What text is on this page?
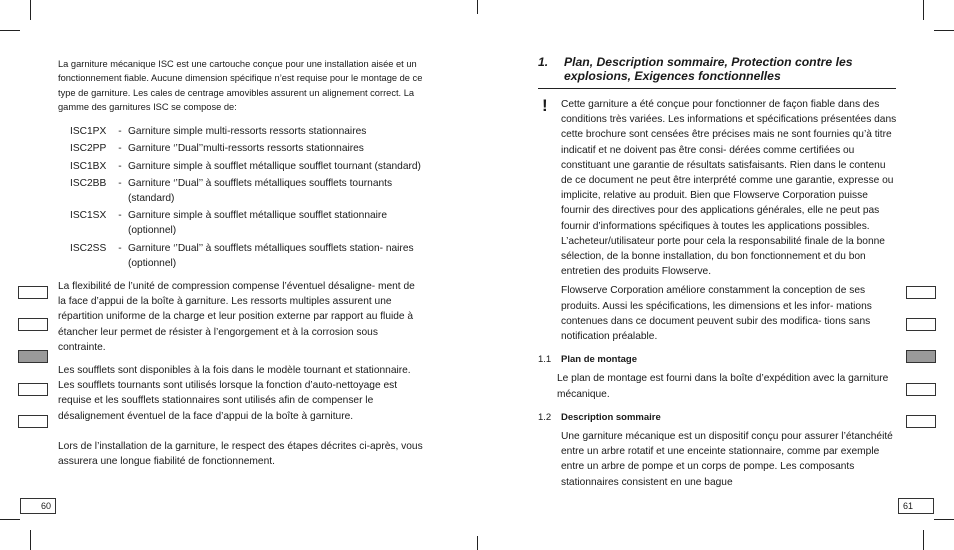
60	61

La garniture mécanique ISC est une cartouche conçue pour une installation aisée et un fonctionnement fiable. Aucune dimension spécifique n’est requise pour le montage de ce type de garniture. Les cales de centrage amovibles assurent un alignement correct. La gamme des garnitures ISC se compose de:

ISC1PX	- Garniture simple multi-ressorts ressorts stationnaires
ISC2PP	- Garniture ‘’Dual’’multi-ressorts ressorts stationnaires
ISC1BX	- Garniture simple à soufflet métallique soufflet tournant (standard)
ISC2BB	- Garniture ‘’Dual’’ à soufflets métalliques soufflets tournants (standard)
ISC1SX	- Garniture simple à soufflet métallique soufflet stationnaire (optionnel)
ISC2SS	- Garniture ‘’Dual’’ à soufflets métalliques soufflets station- naires (optionnel)

La flexibilité de l’unité de compression compense l’éventuel désaligne- ment de la face d’appui de la boîte à garniture. Les ressorts multiples assurent une répartition uniforme de la charge et leur position externe par rapport au fluide à étancher leur permet de résister à l’engorgement et à la corrosion sous contrainte.

Les soufflets sont disponibles à la fois dans le modèle tournant et stationnaire. Les soufflets tournants sont utilisés lorsque la fonction d’auto-nettoyage est requise et les soufflets stationnaires sont utilisés afin de compenser le désalignement éventuel de la face d’appui de la boîte à garniture.

Lors de l’installation de la garniture, le respect des étapes décrites ci-après, vous assurera une longue fiabilité de fonctionnement.

1.	Plan, Description sommaire, Protection contre les explosions, Exigences fonctionnelles

Cette garniture a été conçue pour fonctionner de façon fiable dans des conditions très variées. Les informations et spécifications présentées dans cette brochure sont censées être précises mais ne sont fournies qu’à titre indicatif et ne doivent pas être consi- dérées comme certifiées ou constituant une garantie de résultats satisfaisants. Rien dans le contenu de ce document ne peut être interprété comme une garantie, expresse ou implicite, relative au produit. Bien que Flowserve Corporation puisse fournir des directives pour des applications générales, elle ne peut pas fournir d’informations spécifiques à toutes les applications possibles. L’acheteur/utilisateur porte pour cela la responsabilité finale de la bonne sélection, de la bonne installation, du bon fonctionnement et du bon entretien des produits Flowserve.

Flowserve Corporation améliore constamment la conception de ses produits. Aussi les spécifications, les dimensions et les infor- mations contenues dans ce document peuvent subir des modifica- tions sans notification préalable.

1.1	Plan de montage

Le plan de montage est fourni dans la boîte d’expédition avec la garniture mécanique.

1.2	Description sommaire

Une garniture mécanique est un dispositif conçu pour assurer l’étanchéité entre un arbre rotatif et une enceinte stationnaire, comme par exemple entre un arbre de pompe et un corps de pompe. Les composants stationnaires consistent en une bague

!
